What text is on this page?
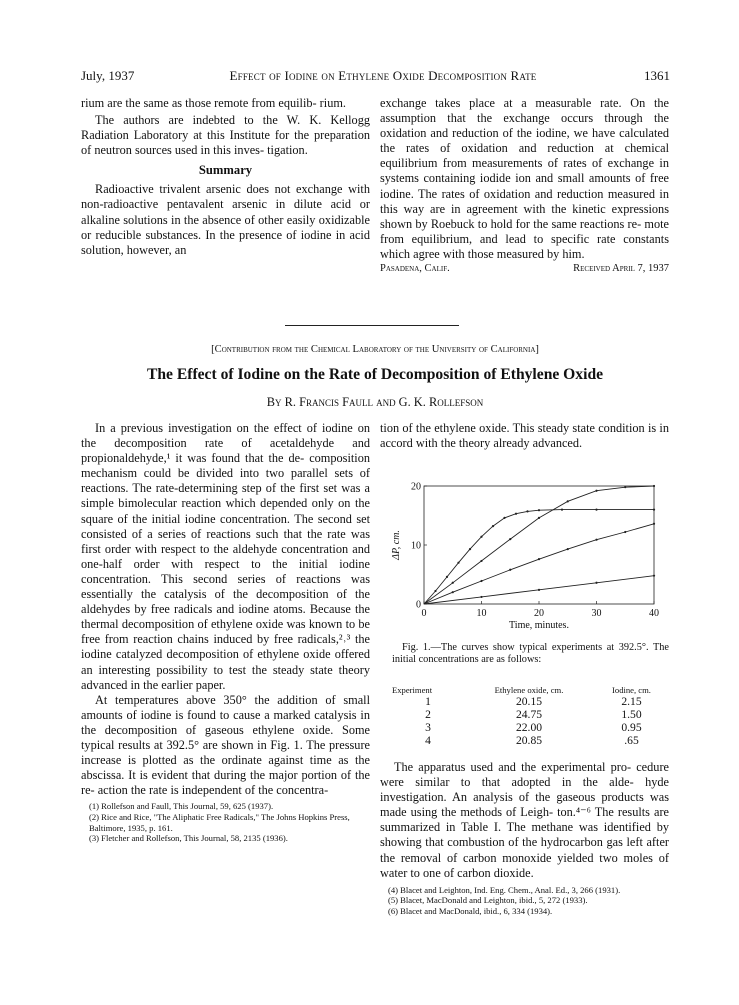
July, 1937	Effect of Iodine on Ethylene Oxide Decomposition Rate	1361
rium are the same as those remote from equilib- rium.
The authors are indebted to the W. K. Kellogg Radiation Laboratory at this Institute for the preparation of neutron sources used in this inves- tigation.
Summary
Radioactive trivalent arsenic does not exchange with non-radioactive pentavalent arsenic in dilute acid or alkaline solutions in the absence of other easily oxidizable or reducible substances. In the presence of iodine in acid solution, however, an
exchange takes place at a measurable rate. On the assumption that the exchange occurs through the oxidation and reduction of the iodine, we have calculated the rates of oxidation and reduction at chemical equilibrium from measurements of rates of exchange in systems containing iodide ion and small amounts of free iodine. The rates of oxidation and reduction measured in this way are in agreement with the kinetic expressions shown by Roebuck to hold for the same reactions re- mote from equilibrium, and lead to specific rate constants which agree with those measured by him.
Pasadena, Calif.	Received April 7, 1937
[Contribution from the Chemical Laboratory of the University of California]
The Effect of Iodine on the Rate of Decomposition of Ethylene Oxide
By R. Francis Faull and G. K. Rollefson
In a previous investigation on the effect of iodine on the decomposition rate of acetaldehyde and propionaldehyde,¹ it was found that the de- composition mechanism could be divided into two parallel sets of reactions. The rate-determining step of the first set was a simple bimolecular reaction which depended only on the square of the initial iodine concentration. The second set consisted of a series of reactions such that the rate was first order with respect to the aldehyde concentration and one-half order with respect to the initial iodine concentration. This second series of reactions was essentially the catalysis of the decomposition of the aldehydes by free radicals and iodine atoms. Because the thermal decomposition of ethylene oxide was known to be free from reaction chains induced by free radicals,²˒³ the iodine catalyzed decomposition of ethylene oxide offered an interesting possibility to test the steady state theory advanced in the earlier paper.
At temperatures above 350° the addition of small amounts of iodine is found to cause a marked catalysis in the decomposition of gaseous ethylene oxide. Some typical results at 392.5° are shown in Fig. 1. The pressure increase is plotted as the ordinate against time as the abscissa. It is evident that during the major portion of the re- action the rate is independent of the concentra-
(1) Rollefson and Faull, This Journal, 59, 625 (1937).
(2) Rice and Rice, "The Aliphatic Free Radicals," The Johns Hopkins Press, Baltimore, 1935, p. 161.
(3) Fletcher and Rollefson, This Journal, 58, 2135 (1936).
tion of the ethylene oxide. This steady state condition is in accord with the theory already advanced.
0	10	20	30	40
0
10
20
Time, minutes.
ΔP, cm.
Fig. 1.—The curves show typical experiments at 392.5°. The initial concentrations are as follows:
Experiment	Ethylene oxide, cm.	Iodine, cm.
1	20.15	2.15
2	24.75	1.50
3	22.00	0.95
4	20.85	.65
The apparatus used and the experimental pro- cedure were similar to that adopted in the alde- hyde investigation. An analysis of the gaseous products was made using the methods of Leigh- ton.⁴⁻⁶ The results are summarized in Table I. The methane was identified by showing that combustion of the hydrocarbon gas left after the removal of carbon monoxide yielded two moles of water to one of carbon dioxide.
(4) Blacet and Leighton, Ind. Eng. Chem., Anal. Ed., 3, 266 (1931).
(5) Blacet, MacDonald and Leighton, ibid., 5, 272 (1933).
(6) Blacet and MacDonald, ibid., 6, 334 (1934).
